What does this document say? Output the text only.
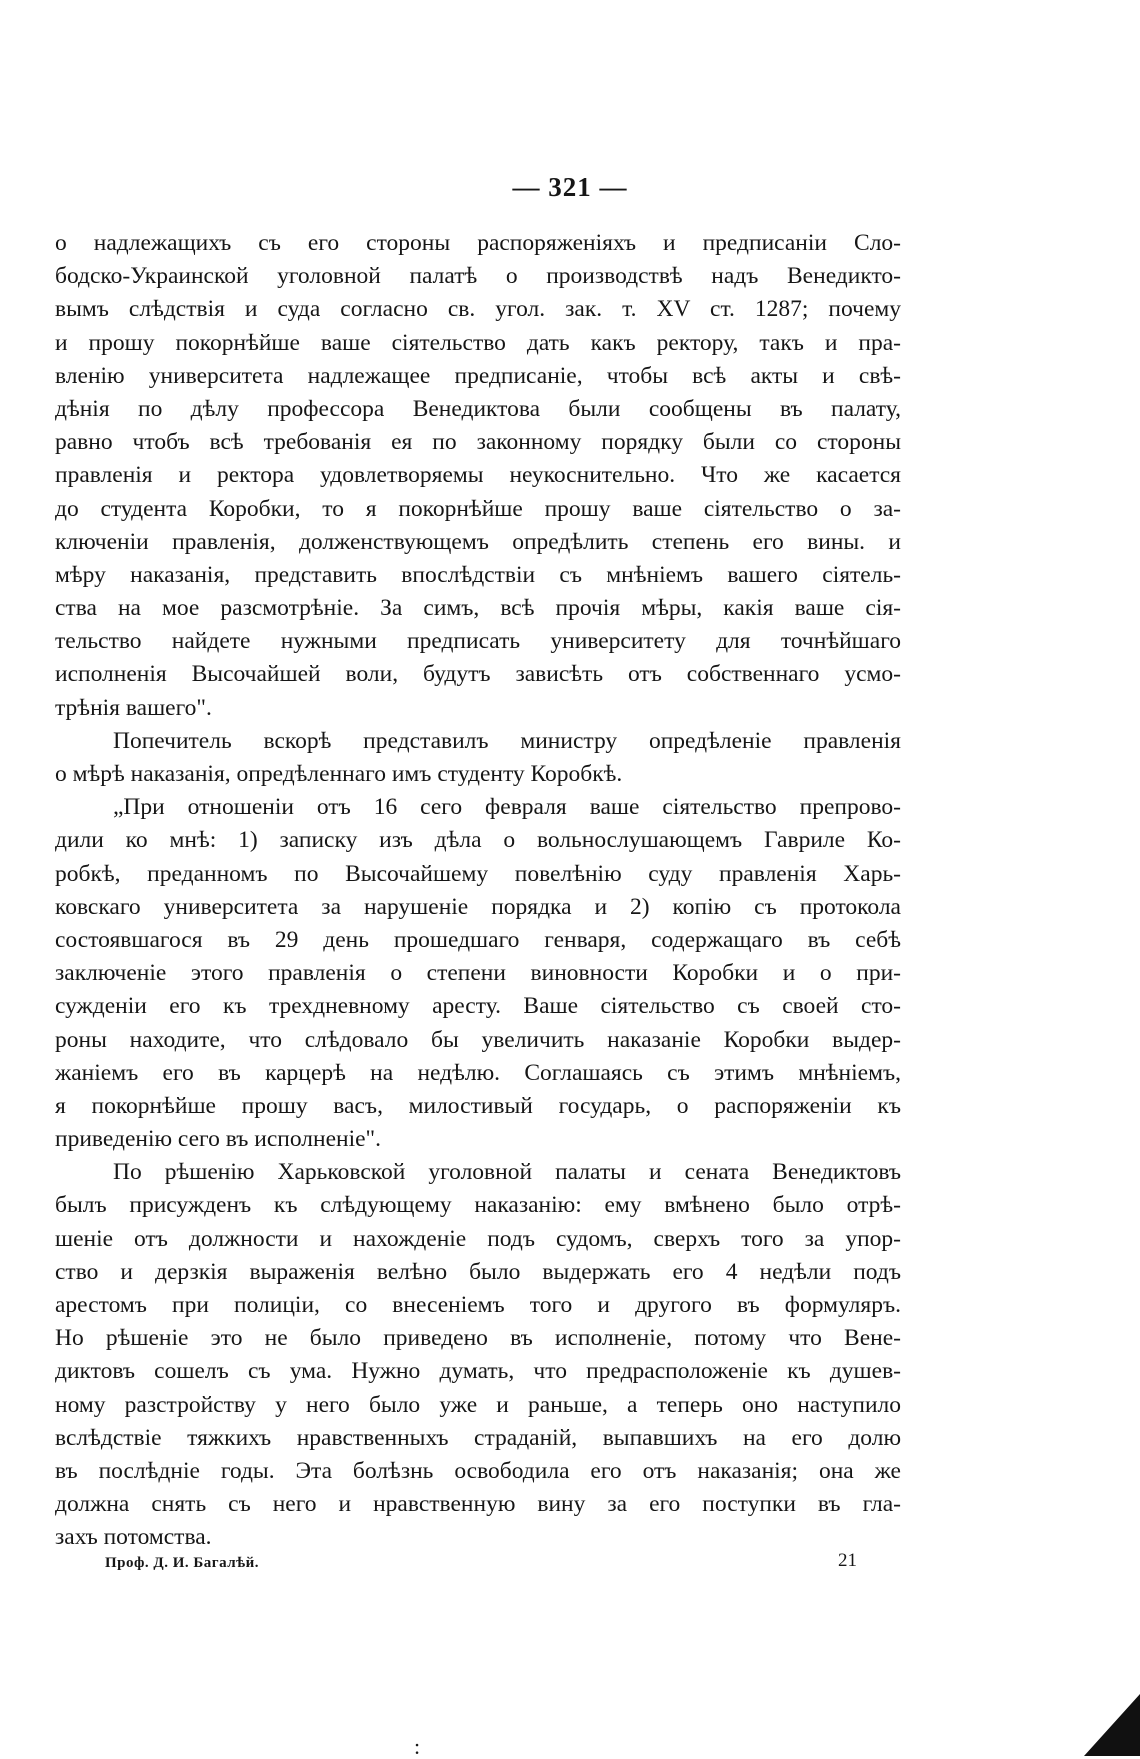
— 321 —
о надлежащихъ съ его стороны распоряженіяхъ и предписаніи Сло-
бодско-Украинской уголовной палатѣ о производствѣ надъ Венедикто-
вымъ слѣдствія и суда согласно св. угол. зак. т. XV ст. 1287; почему
и прошу покорнѣйше ваше сіятельство дать какъ ректору, такъ и пра-
вленію университета надлежащее предписаніе, чтобы всѣ акты и свѣ-
дѣнія по дѣлу профессора Венедиктова были сообщены въ палату,
равно чтобъ всѣ требованія ея по законному порядку были со стороны
правленія и ректора удовлетворяемы неукоснительно. Что же касается
до студента Коробки, то я покорнѣйше прошу ваше сіятельство о за-
ключеніи правленія, долженствующемъ опредѣлить степень его вины. и
мѣру наказанія, представить впослѣдствіи съ мнѣніемъ вашего сіятель-
ства на мое разсмотрѣніе. За симъ, всѣ прочія мѣры, какія ваше сія-
тельство найдете нужными предписать университету для точнѣйшаго
исполненія Высочайшей воли, будутъ зависѣть отъ собственнаго усмо-
трѣнія вашего".
Попечитель вскорѣ представилъ министру опредѣленіе правленія
о мѣрѣ наказанія, опредѣленнаго имъ студенту Коробкѣ.
„При отношеніи отъ 16 сего февраля ваше сіятельство препрово-
дили ко мнѣ: 1) записку изъ дѣла о вольнослушающемъ Гавриле Ко-
робкѣ, преданномъ по Высочайшему повелѣнію суду правленія Харь-
ковскаго университета за нарушеніе порядка и 2) копію съ протокола
состоявшагося въ 29 день прошедшаго генваря, содержащаго въ себѣ
заключеніе этого правленія о степени виновности Коробки и о при-
сужденіи его къ трехдневному аресту. Ваше сіятельство съ своей сто-
роны находите, что слѣдовало бы увеличить наказаніе Коробки выдер-
жаніемъ его въ карцерѣ на недѣлю. Соглашаясь съ этимъ мнѣніемъ,
я покорнѣйше прошу васъ, милостивый государь, о распоряженіи къ
приведенію сего въ исполненіе".
По рѣшенію Харьковской уголовной палаты и сената Венедиктовъ
былъ присужденъ къ слѣдующему наказанію: ему вмѣнено было отрѣ-
шеніе отъ должности и нахожденіе подъ судомъ, сверхъ того за упор-
ство и дерзкія выраженія велѣно было выдержать его 4 недѣли подъ
арестомъ при полиціи, со внесеніемъ того и другого въ формуляръ.
Но рѣшеніе это не было приведено въ исполненіе, потому что Вене-
диктовъ сошелъ съ ума. Нужно думать, что предрасположеніе къ душев-
ному разстройству у него было уже и раньше, а теперь оно наступило
вслѣдствіе тяжкихъ нравственныхъ страданій, выпавшихъ на его долю
въ послѣдніе годы. Эта болѣзнь освободила его отъ наказанія; она же
должна снять съ него и нравственную вину за его поступки въ гла-
захъ потомства.
Проф. Д. И. Багалѣй.	21
:
